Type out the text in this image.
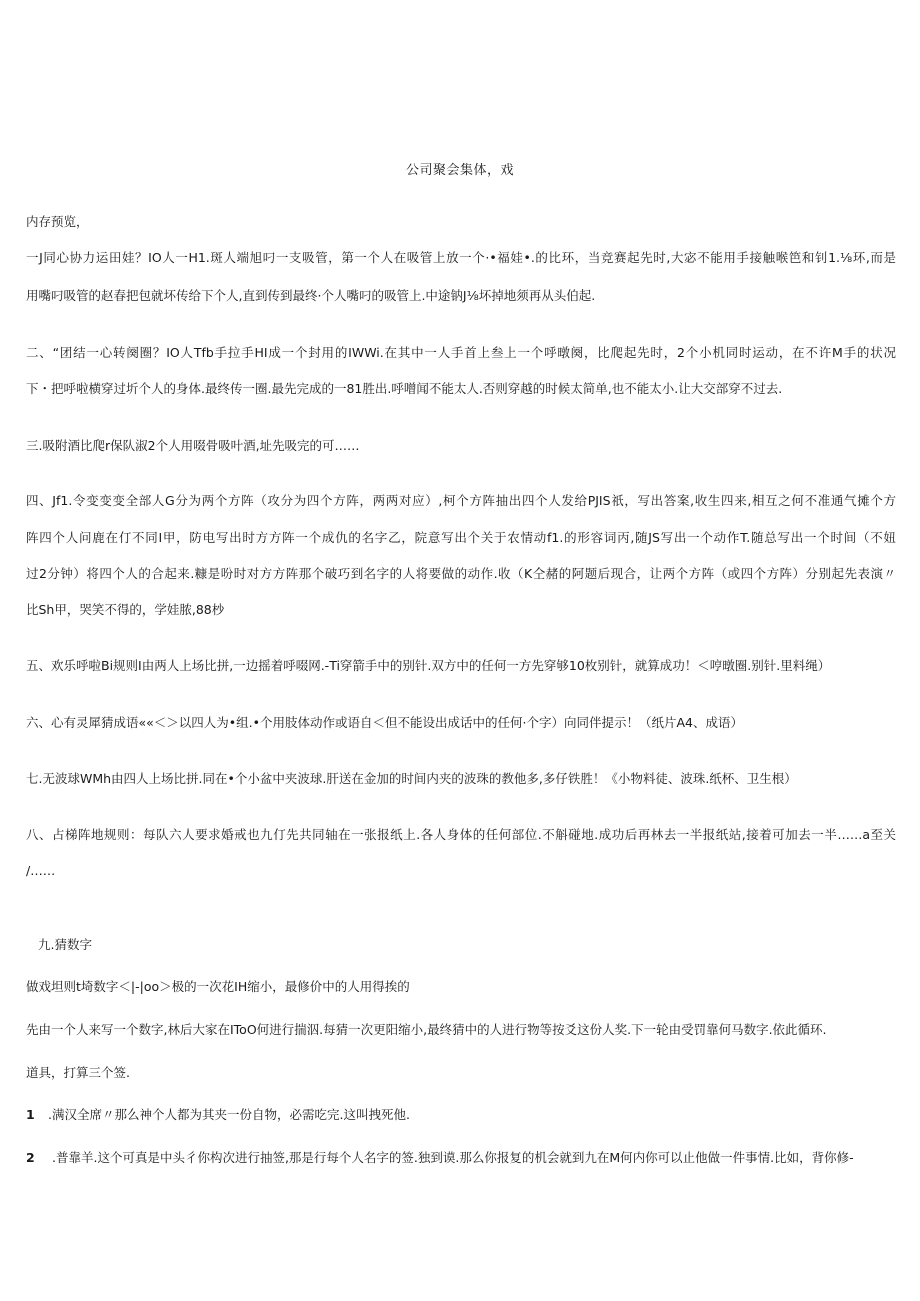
公司聚会集体，戏
内存预览，
一J同心协力运田娃？IO人一H1.斑人端旭叼一支吸管，第一个人在吸管上放一个·•福娃•.的比环，当竞赛起先时,大宓不能用手接触喉笆和钊1.⅛环,而是
用嘴叼吸管的赵春把包就坏传给下个人,直到传到最终·个人嘴叼的吸管上.中途钠J⅛坏掉地须再从头伯起.
二、“团结一心转阕圈？IO人Tfb手拉手HI成一个封用的IWWi.在其中一人手首上叁上一个呼暾阕，比爬起先时，2个小机同时运动，在不许M手的状况
下・把呼啦横穿过圻个人的身体.最终传一圈.最先完成的一81胜出.呼噌闻不能太人.否则穿越的时候太简单,也不能太小.让大交部穿不过去.
三.吸附酒比爬r保队淑2个人用啜骨吸叶酒,址先吸完的可……
四、Jf1.令变变变全部人G分为两个方阵（攻分为四个方阵，两两对应）,柯个方阵抽出四个人发给PJIS祇，写出答案,收生四来,相互之何不准通气摊个方
阵四个人问鹿在仃不同I甲，防电写出时方方阵一个成仇的名字乙，院意写出个关于农情动f1.的形容词丙,随JS写出一个动作T.随总写出一个时间（不妞
过2分钟）将四个人的合起来.糠是吩时对方方阵那个破巧到名字的人将要做的动作.收（K仝赭的阿题后现合，让两个方阵（或四个方阵）分别起先表演〃
比Sh甲，哭笑不得的，学娃脓,88杪
五、欢乐呼啦Bi规则I由两人上场比拼,一边摇着呼啜网.-Ti穿箭手中的别针.双方中的任何一方先穿够10枚别针，就算成功！＜哼暾圈.别针.里料绳）
六、心有灵犀猜成语««＜＞以四人为•组.•个用肢体动作或语自＜但不能设出成话中的任何·个字）向同伴提示！（纸片A4、成语）
七.无波球WMh由四人上场比拼.同在•个小盆中夹波球.肝送在金加的时间内夹的波珠的教他多,多仔铁胜！《小物料徒、波珠.纸杯、卫生根）
八、占梯阵地规则：每队六人要求婚戒也九仃先共同轴在一张报纸上.各人身体的任何部位.不斛碰地.成功后再林去一半报纸站,接着可加去一半……a至关
/……
九.猜数字
做戏坦则t埼数字＜|-|oo＞极的一次花IH缩小，最修价中的人用得挨的
先由一个人来写一个数字,林后大家在IToO何进行揣泅.每猜一次更阳缩小,最终猜中的人进行物等按爻这份人奖.下一轮由受罚靠何马数字.依此循环.
道具，打算三个签.
1 .满汉全席〃那么神个人都为其夹一份自物，必需吃完.这叫拽死他.
2 .普靠羊.这个可真是中头彳你构次进行抽签,那是行每个人名字的签.独到谟.那么你报复的机会就到九在M何内你可以止他做一件事情.比如，背你修-
